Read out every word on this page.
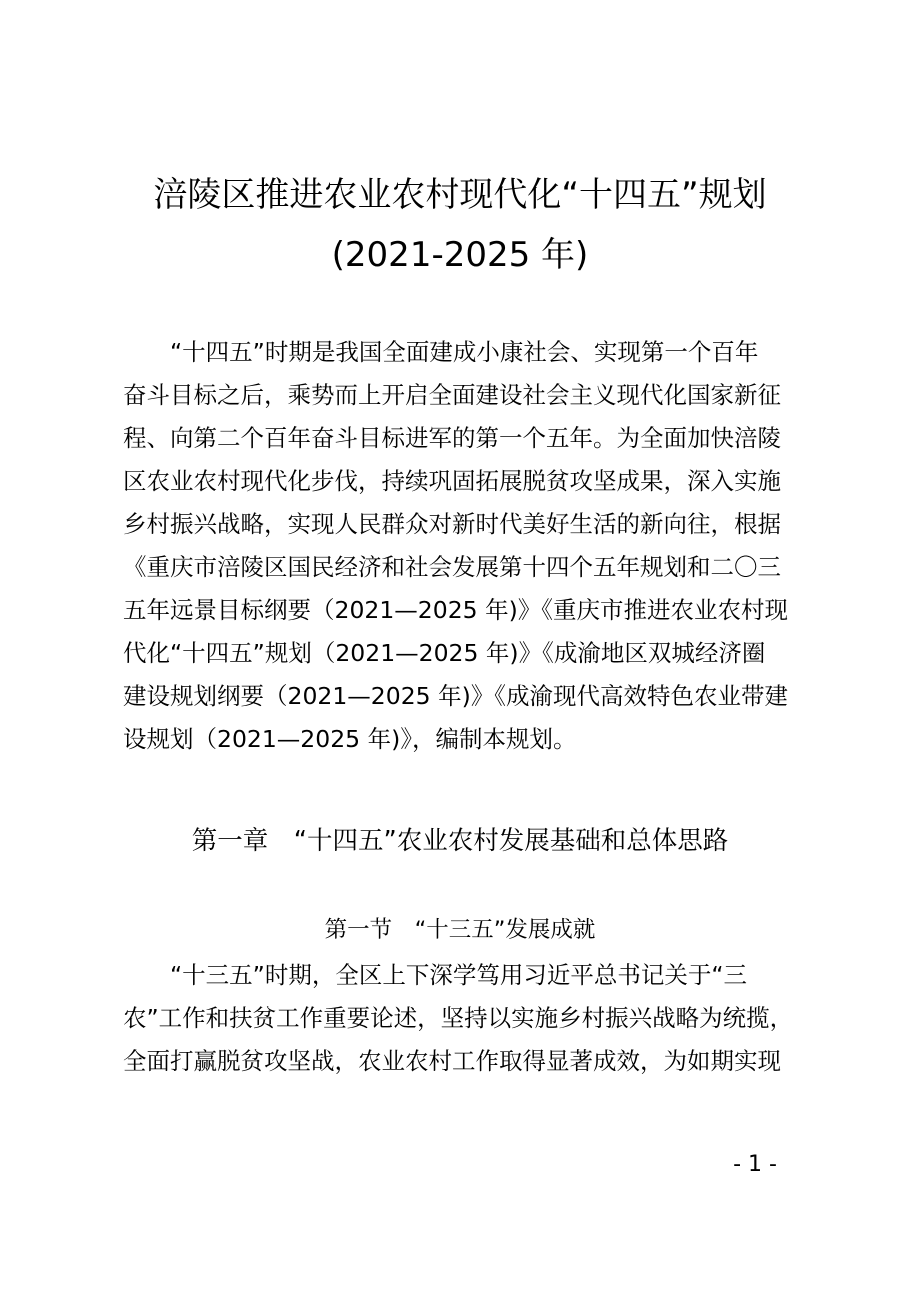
涪陵区推进农业农村现代化“十四五”规划
(2021-2025 年)
　　“十四五”时期是我国全面建成小康社会、实现第一个百年
奋斗目标之后，乘势而上开启全面建设社会主义现代化国家新征
程、向第二个百年奋斗目标进军的第一个五年。为全面加快涪陵
区农业农村现代化步伐，持续巩固拓展脱贫攻坚成果，深入实施
乡村振兴战略，实现人民群众对新时代美好生活的新向往，根据
《重庆市涪陵区国民经济和社会发展第十四个五年规划和二〇三
五年远景目标纲要（2021—2025 年)》《重庆市推进农业农村现
代化“十四五”规划（2021—2025 年)》《成渝地区双城经济圈
建设规划纲要（2021—2025 年)》《成渝现代高效特色农业带建
设规划（2021—2025 年)》，编制本规划。
第一章　“十四五”农业农村发展基础和总体思路
第一节　“十三五”发展成就
　　“十三五”时期，全区上下深学笃用习近平总书记关于“三
农”工作和扶贫工作重要论述，坚持以实施乡村振兴战略为统揽，
全面打赢脱贫攻坚战，农业农村工作取得显著成效，为如期实现
- 1 -
